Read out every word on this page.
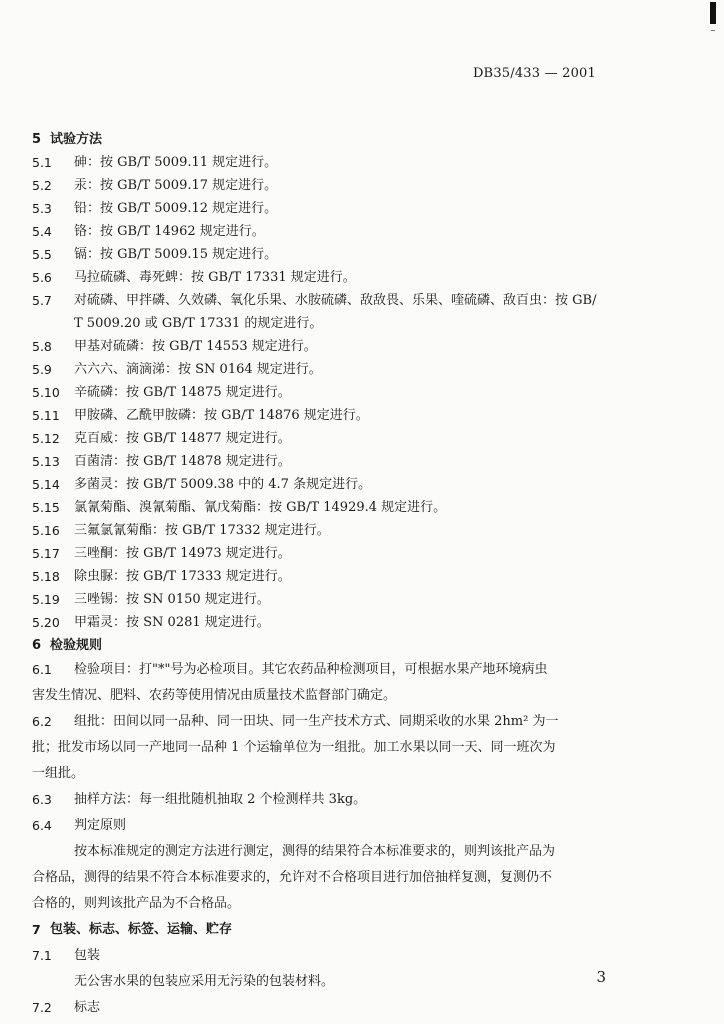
DB35/433 — 2001
5 试验方法
5.1 砷：按 GB/T 5009.11 规定进行。
5.2 汞：按 GB/T 5009.17 规定进行。
5.3 铅：按 GB/T 5009.12 规定进行。
5.4 铬：按 GB/T 14962 规定进行。
5.5 镉：按 GB/T 5009.15 规定进行。
5.6 马拉硫磷、毒死蜱：按 GB/T 17331 规定进行。
5.7 对硫磷、甲拌磷、久效磷、氧化乐果、水胺硫磷、敌敌畏、乐果、喹硫磷、敌百虫：按 GB/
T 5009.20 或 GB/T 17331 的规定进行。
5.8 甲基对硫磷：按 GB/T 14553 规定进行。
5.9 六六六、滴滴涕：按 SN 0164 规定进行。
5.10 辛硫磷：按 GB/T 14875 规定进行。
5.11 甲胺磷、乙酰甲胺磷：按 GB/T 14876 规定进行。
5.12 克百威：按 GB/T 14877 规定进行。
5.13 百菌清：按 GB/T 14878 规定进行。
5.14 多菌灵：按 GB/T 5009.38 中的 4.7 条规定进行。
5.15 氯氰菊酯、溴氰菊酯、氰戊菊酯：按 GB/T 14929.4 规定进行。
5.16 三氟氯氰菊酯：按 GB/T 17332 规定进行。
5.17 三唑酮：按 GB/T 14973 规定进行。
5.18 除虫脲：按 GB/T 17333 规定进行。
5.19 三唑锡：按 SN 0150 规定进行。
5.20 甲霜灵：按 SN 0281 规定进行。
6 检验规则
6.1	检验项目：打"*"号为必检项目。其它农药品种检测项目，可根据水果产地环境病虫
害发生情况、肥料、农药等使用情况由质量技术监督部门确定。
6.2	组批：田间以同一品种、同一田块、同一生产技术方式、同期采收的水果 2hm² 为一
批；批发市场以同一产地同一品种 1 个运输单位为一组批。加工水果以同一天、同一班次为
一组批。
6.3	抽样方法：每一组批随机抽取 2 个检测样共 3kg。
6.4	判定原则
按本标准规定的测定方法进行测定，测得的结果符合本标准要求的，则判该批产品为
合格品，测得的结果不符合本标准要求的，允许对不合格项目进行加倍抽样复测，复测仍不
合格的，则判该批产品为不合格品。
7 包装、标志、标签、运输、贮存
7.1	包装
无公害水果的包装应采用无污染的包装材料。
7.2	标志
3
